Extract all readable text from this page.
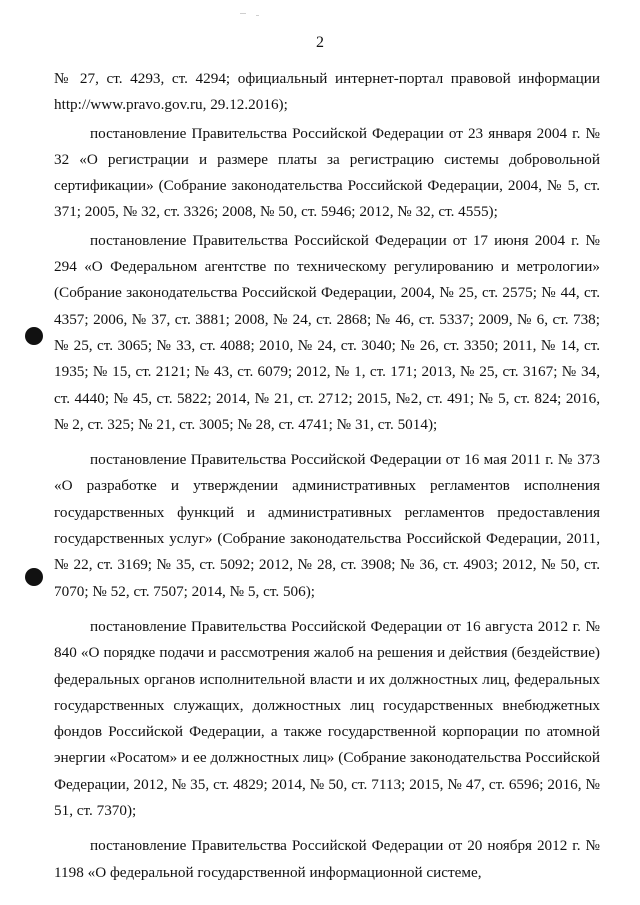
2

№ 27, ст. 4293, ст. 4294; официальный интернет-портал правовой информации http://www.pravo.gov.ru, 29.12.2016);

постановление Правительства Российской Федерации от 23 января 2004 г. № 32 «О регистрации и размере платы за регистрацию системы добровольной сертификации» (Собрание законодательства Российской Федерации, 2004, № 5, ст. 371; 2005, № 32, ст. 3326; 2008, № 50, ст. 5946; 2012, № 32, ст. 4555);

постановление Правительства Российской Федерации от 17 июня 2004 г. № 294 «О Федеральном агентстве по техническому регулированию и метрологии» (Собрание законодательства Российской Федерации, 2004, № 25, ст. 2575; № 44, ст. 4357; 2006, № 37, ст. 3881; 2008, № 24, ст. 2868; № 46, ст. 5337; 2009, № 6, ст. 738; № 25, ст. 3065; № 33, ст. 4088; 2010, № 24, ст. 3040; № 26, ст. 3350; 2011, № 14, ст. 1935; № 15, ст. 2121; № 43, ст. 6079; 2012, № 1, ст. 171; 2013, № 25, ст. 3167; № 34, ст. 4440; № 45, ст. 5822; 2014, № 21, ст. 2712; 2015, №2, ст. 491; № 5, ст. 824; 2016, № 2, ст. 325; № 21, ст. 3005; № 28, ст. 4741; № 31, ст. 5014);

постановление Правительства Российской Федерации от 16 мая 2011 г. № 373 «О разработке и утверждении административных регламентов исполнения государственных функций и административных регламентов предоставления государственных услуг» (Собрание законодательства Российской Федерации, 2011, № 22, ст. 3169; № 35, ст. 5092; 2012, № 28, ст. 3908; № 36, ст. 4903; 2012, № 50, ст. 7070; № 52, ст. 7507; 2014, № 5, ст. 506);

постановление Правительства Российской Федерации от 16 августа 2012 г. № 840 «О порядке подачи и рассмотрения жалоб на решения и действия (бездействие) федеральных органов исполнительной власти и их должностных лиц, федеральных государственных служащих, должностных лиц государственных внебюджетных фондов Российской Федерации, а также государственной корпорации по атомной энергии «Росатом» и ее должностных лиц» (Собрание законодательства Российской Федерации, 2012, № 35, ст. 4829; 2014, № 50, ст. 7113; 2015, № 47, ст. 6596; 2016, № 51, ст. 7370);

постановление Правительства Российской Федерации от 20 ноября 2012 г. № 1198 «О федеральной государственной информационной системе,
